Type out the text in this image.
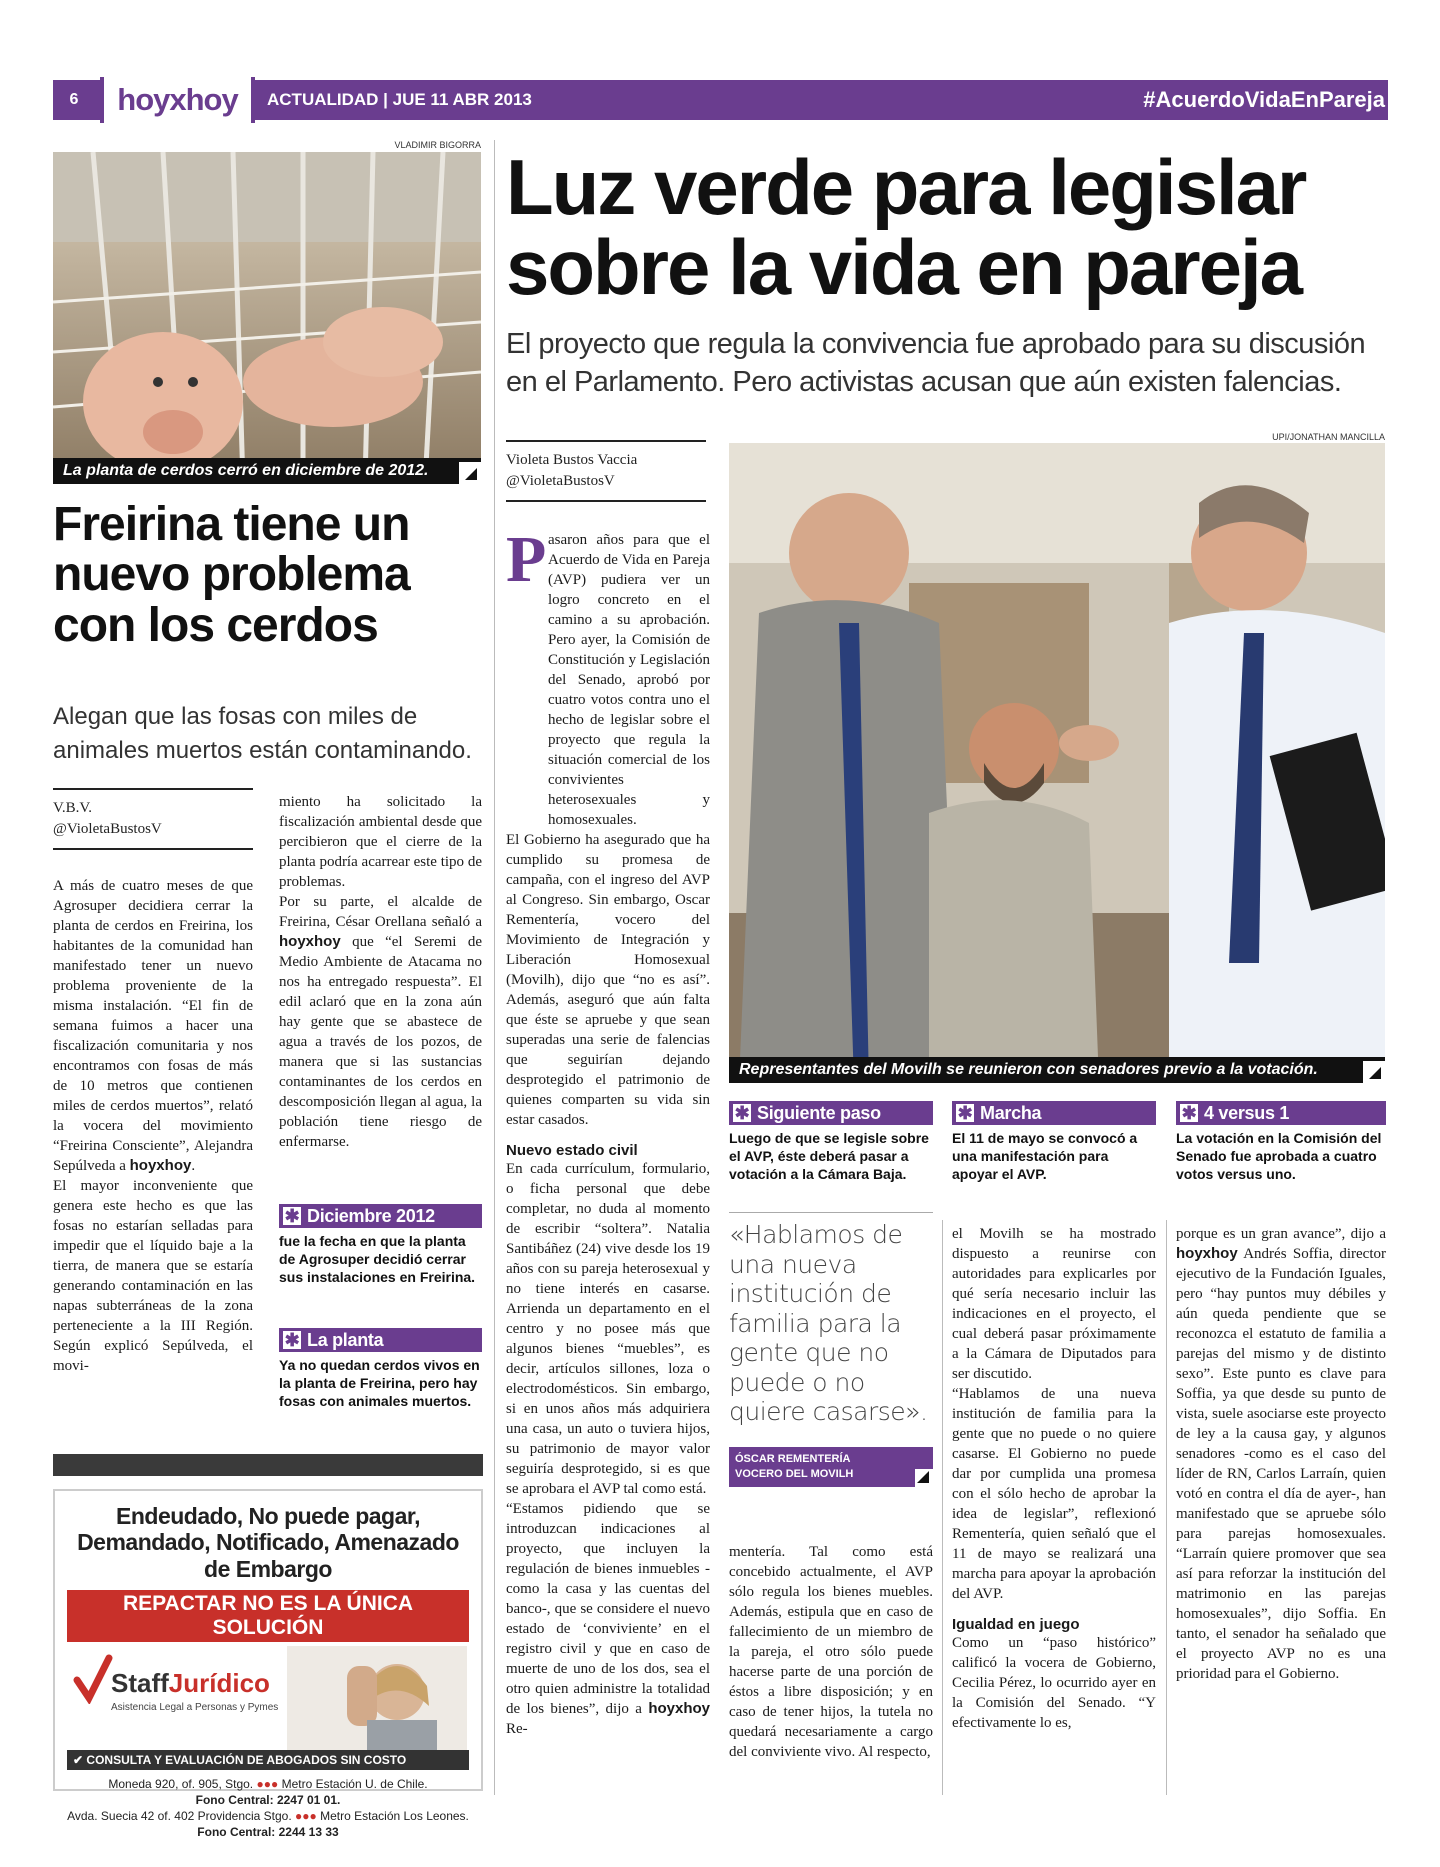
6	hoyxhoy	ACTUALIDAD | JUE 11 ABR 2013	#AcuerdoVidaEnPareja
VLADIMIR BIGORRA
La planta de cerdos cerró en diciembre de 2012.
Freirina tiene un nuevo problema con los cerdos
Alegan que las fosas con miles de animales muertos están contaminando.
V.B.V.
@VioletaBustosV

A más de cuatro meses de que Agrosuper decidiera cerrar la planta de cerdos en Freirina, los habitantes de la comunidad han manifestado tener un nuevo problema proveniente de la misma instalación. “El fin de semana fuimos a hacer una fiscalización comunitaria y nos encontramos con fosas de más de 10 metros que contienen miles de cerdos muertos”, relató la vocera del movimiento “Freirina Consciente”, Alejandra Sepúlveda a hoyxhoy.

El mayor inconveniente que genera este hecho es que las fosas no estarían selladas para impedir que el líquido baje a la tierra, de manera que se estaría generando contaminación en las napas subterráneas de la zona perteneciente a la III Región. Según explicó Sepúlveda, el movi-

miento ha solicitado la fiscalización ambiental desde que percibieron que el cierre de la planta podría acarrear este tipo de problemas.

Por su parte, el alcalde de Freirina, César Orellana señaló a hoyxhoy que “el Seremi de Medio Ambiente de Atacama no nos ha entregado respuesta”. El edil aclaró que en la zona aún hay gente que se abastece de agua a través de los pozos, de manera que si las sustancias contaminantes de los cerdos en descomposición llegan al agua, la población tiene riesgo de enfermarse.

✱ Diciembre 2012
fue la fecha en que la planta de Agrosuper decidió cerrar sus instalaciones en Freirina.
✱ La planta
Ya no quedan cerdos vivos en la planta de Freirina, pero hay fosas con animales muertos.
Endeudado, No puede pagar, Demandado, Notificado, Amenazado de Embargo
REPACTAR NO ES LA ÚNICA SOLUCIÓN
StaffJurídico
Asistencia Legal a Personas y Pymes
✔ CONSULTA Y EVALUACIÓN DE ABOGADOS SIN COSTO
Moneda 920, of. 905, Stgo. ●●● Metro Estación U. de Chile.
Fono Central: 2247 01 01.
Avda. Suecia 42 of. 402 Providencia Stgo. ●●● Metro Estación Los Leones.
Fono Central: 2244 13 33
Luz verde para legislar sobre la vida en pareja
El proyecto que regula la convivencia fue aprobado para su discusión en el Parlamento. Pero activistas acusan que aún existen falencias.
Violeta Bustos Vaccia
@VioletaBustosV
UPI/JONATHAN MANCILLA
Representantes del Movilh se reunieron con senadores previo a la votación.
P asaron años para que el Acuerdo de Vida en Pareja (AVP) pudiera ver un logro concreto en el camino a su aprobación. Pero ayer, la Comisión de Constitución y Legislación del Senado, aprobó por cuatro votos contra uno el hecho de legislar sobre el proyecto que regula la situación comercial de los convivientes heterosexuales y homosexuales.

El Gobierno ha asegurado que ha cumplido su promesa de campaña, con el ingreso del AVP al Congreso. Sin embargo, Oscar Rementería, vocero del Movimiento de Integración y Liberación Homosexual (Movilh), dijo que “no es así”. Además, aseguró que aún falta que éste se apruebe y que sean superadas una serie de falencias que seguirían dejando desprotegido el patrimonio de quienes comparten su vida sin estar casados.

Nuevo estado civil

En cada currículum, formulario, o ficha personal que debe completar, no duda al momento de escribir “soltera”. Natalia Santibáñez (24) vive desde los 19 años con su pareja heterosexual y no tiene interés en casarse. Arrienda un departamento en el centro y no posee más que algunos bienes “muebles”, es decir, artículos sillones, loza o electrodomésticos. Sin embargo, si en unos años más adquiriera una casa, un auto o tuviera hijos, su patrimonio de mayor valor seguiría desprotegido, si es que se aprobara el AVP tal como está.

“Estamos pidiendo que se introduzcan indicaciones al proyecto, que incluyen la regulación de bienes inmuebles -como la casa y las cuentas del banco-, que se considere el nuevo estado de ‘conviviente’ en el registro civil y que en caso de muerte de uno de los dos, sea el otro quien administre la totalidad de los bienes”, dijo a hoyxhoy Re-

✱ Siguiente paso
Luego de que se legisle sobre el AVP, éste deberá pasar a votación a la Cámara Baja.
✱ Marcha
El 11 de mayo se convocó a una manifestación para apoyar el AVP.
✱ 4 versus 1
La votación en la Comisión del Senado fue aprobada a cuatro votos versus uno.
«Hablamos de una nueva institución de familia para la gente que no puede o no quiere casarse».
ÓSCAR REMENTERÍA
VOCERO DEL MOVILH

mentería. Tal como está concebido actualmente, el AVP sólo regula los bienes muebles. Además, estipula que en caso de fallecimiento de un miembro de la pareja, el otro sólo puede hacerse parte de una porción de éstos a libre disposición; y en caso de tener hijos, la tutela no quedará necesariamente a cargo del conviviente vivo. Al respecto,

el Movilh se ha mostrado dispuesto a reunirse con autoridades para explicarles por qué sería necesario incluir las indicaciones en el proyecto, el cual deberá pasar próximamente a la Cámara de Diputados para ser discutido.

“Hablamos de una nueva institución de familia para la gente que no puede o no quiere casarse. El Gobierno no puede dar por cumplida una promesa con el sólo hecho de aprobar la idea de legislar”, reflexionó Rementería, quien señaló que el 11 de mayo se realizará una marcha para apoyar la aprobación del AVP.

Igualdad en juego

Como un “paso histórico” calificó la vocera de Gobierno, Cecilia Pérez, lo ocurrido ayer en la Comisión del Senado. “Y efectivamente lo es,

porque es un gran avance”, dijo a hoyxhoy Andrés Soffia, director ejecutivo de la Fundación Iguales, pero “hay puntos muy débiles y aún queda pendiente que se reconozca el estatuto de familia a parejas del mismo y de distinto sexo”. Este punto es clave para Soffia, ya que desde su punto de vista, suele asociarse este proyecto de ley a la causa gay, y algunos senadores -como es el caso del líder de RN, Carlos Larraín, quien votó en contra el día de ayer-, han manifestado que se apruebe sólo para parejas homosexuales. “Larraín quiere promover que sea así para reforzar la institución del matrimonio en las parejas homosexuales”, dijo Soffia. En tanto, el senador ha señalado que el proyecto AVP no es una prioridad para el Gobierno.
